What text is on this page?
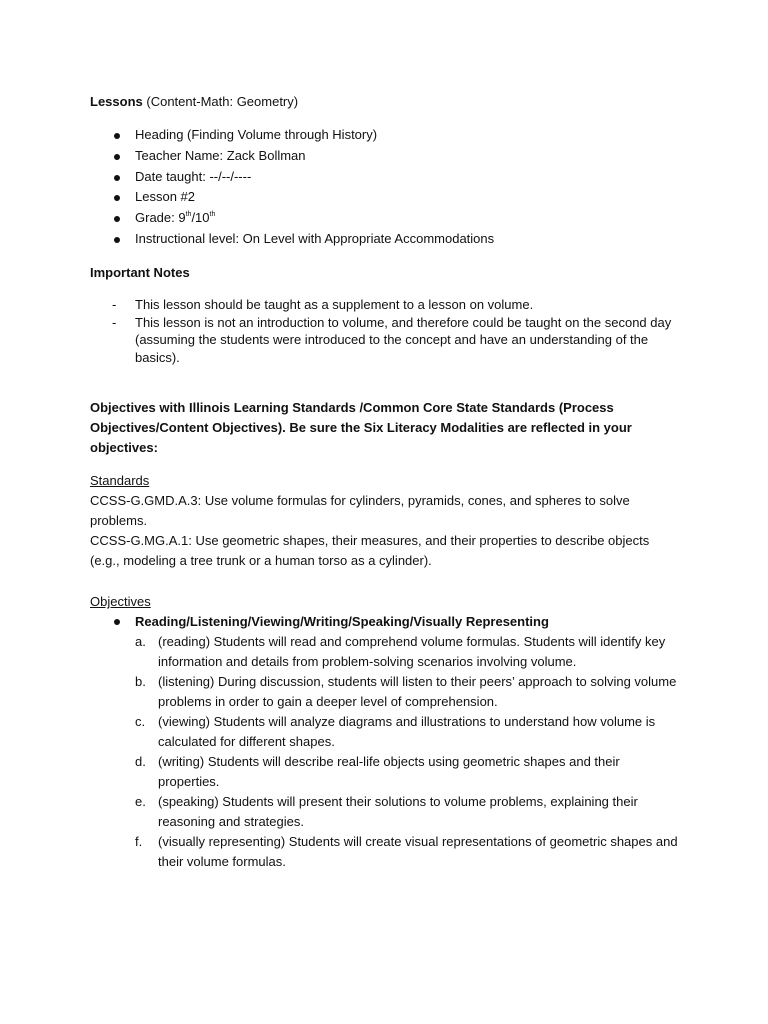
Lessons (Content-Math: Geometry)
Heading (Finding Volume through History)
Teacher Name: Zack Bollman
Date taught: --/--/----
Lesson #2
Grade: 9th/10th
Instructional level: On Level with Appropriate Accommodations
Important Notes
- This lesson should be taught as a supplement to a lesson on volume.
- This lesson is not an introduction to volume, and therefore could be taught on the second day (assuming the students were introduced to the concept and have an understanding of the basics).
Objectives with Illinois Learning Standards /Common Core State Standards (Process Objectives/Content Objectives). Be sure the Six Literacy Modalities are reflected in your objectives:
Standards
CCSS-G.GMD.A.3: Use volume formulas for cylinders, pyramids, cones, and spheres to solve problems.
CCSS-G.MG.A.1: Use geometric shapes, their measures, and their properties to describe objects (e.g., modeling a tree trunk or a human torso as a cylinder).
Objectives
Reading/Listening/Viewing/Writing/Speaking/Visually Representing
a. (reading) Students will read and comprehend volume formulas. Students will identify key information and details from problem-solving scenarios involving volume.
b. (listening) During discussion, students will listen to their peers’ approach to solving volume problems in order to gain a deeper level of comprehension.
c. (viewing) Students will analyze diagrams and illustrations to understand how volume is calculated for different shapes.
d. (writing) Students will describe real-life objects using geometric shapes and their properties.
e. (speaking) Students will present their solutions to volume problems, explaining their reasoning and strategies.
f. (visually representing) Students will create visual representations of geometric shapes and their volume formulas.
